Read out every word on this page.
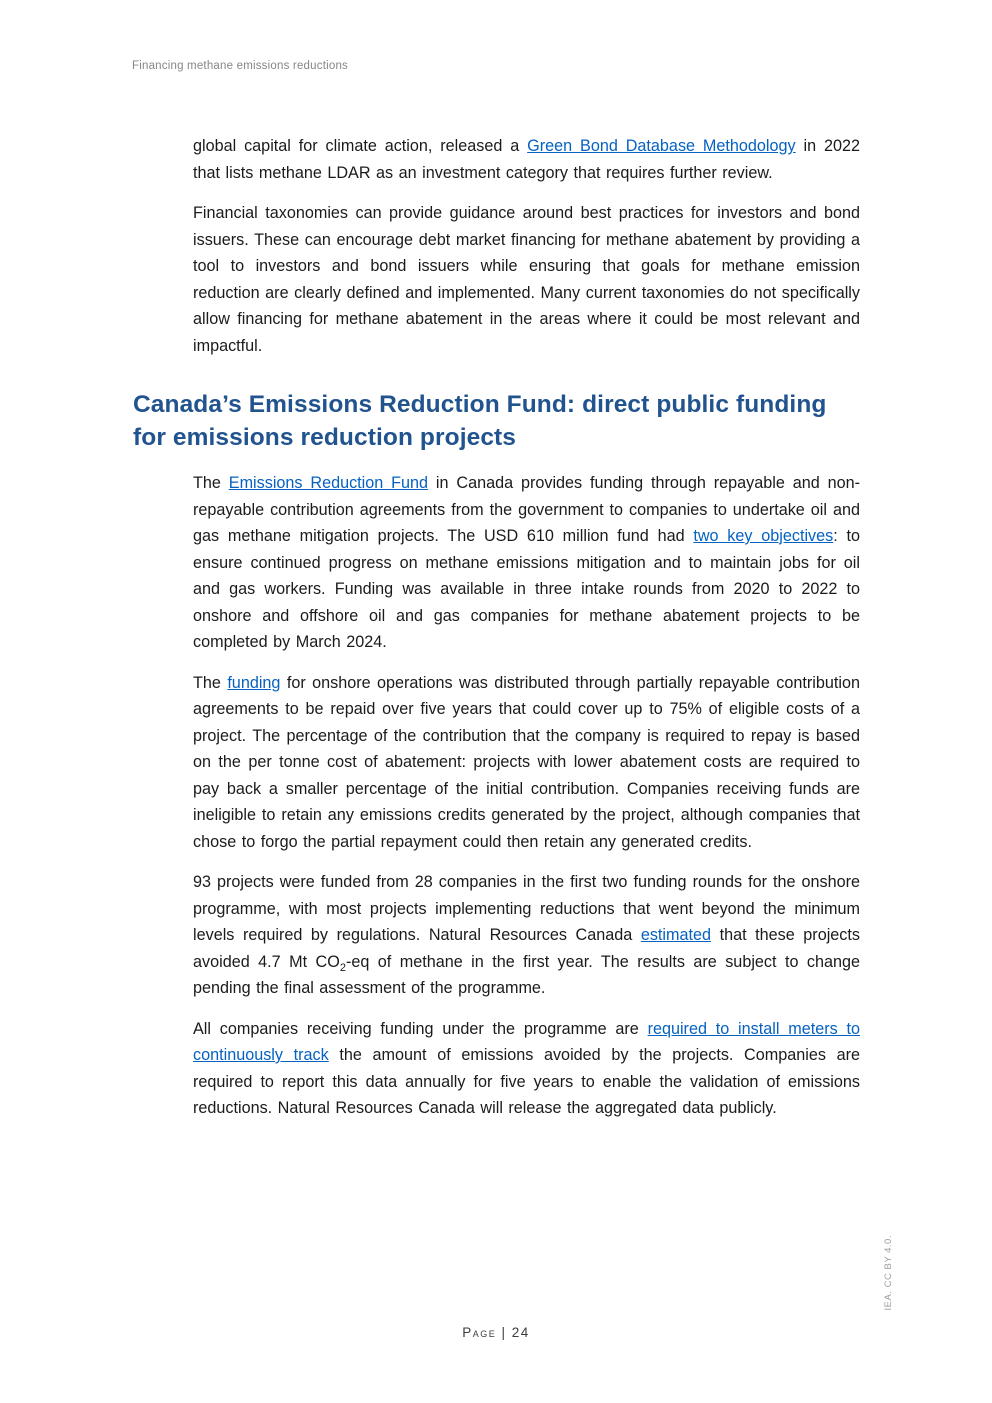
Financing methane emissions reductions

global capital for climate action, released a Green Bond Database Methodology in 2022 that lists methane LDAR as an investment category that requires further review.

Financial taxonomies can provide guidance around best practices for investors and bond issuers. These can encourage debt market financing for methane abatement by providing a tool to investors and bond issuers while ensuring that goals for methane emission reduction are clearly defined and implemented. Many current taxonomies do not specifically allow financing for methane abatement in the areas where it could be most relevant and impactful.

Canada’s Emissions Reduction Fund: direct public funding for emissions reduction projects

The Emissions Reduction Fund in Canada provides funding through repayable and non-repayable contribution agreements from the government to companies to undertake oil and gas methane mitigation projects. The USD 610 million fund had two key objectives: to ensure continued progress on methane emissions mitigation and to maintain jobs for oil and gas workers. Funding was available in three intake rounds from 2020 to 2022 to onshore and offshore oil and gas companies for methane abatement projects to be completed by March 2024.

The funding for onshore operations was distributed through partially repayable contribution agreements to be repaid over five years that could cover up to 75% of eligible costs of a project. The percentage of the contribution that the company is required to repay is based on the per tonne cost of abatement: projects with lower abatement costs are required to pay back a smaller percentage of the initial contribution. Companies receiving funds are ineligible to retain any emissions credits generated by the project, although companies that chose to forgo the partial repayment could then retain any generated credits.

93 projects were funded from 28 companies in the first two funding rounds for the onshore programme, with most projects implementing reductions that went beyond the minimum levels required by regulations. Natural Resources Canada estimated that these projects avoided 4.7 Mt $CO_2-eq$ of methane in the first year. The results are subject to change pending the final assessment of the programme.

All companies receiving funding under the programme are required to install meters to continuously track the amount of emissions avoided by the projects. Companies are required to report this data annually for five years to enable the validation of emissions reductions. Natural Resources Canada will release the aggregated data publicly.

Page | 24
IEA. CC BY 4.0.
